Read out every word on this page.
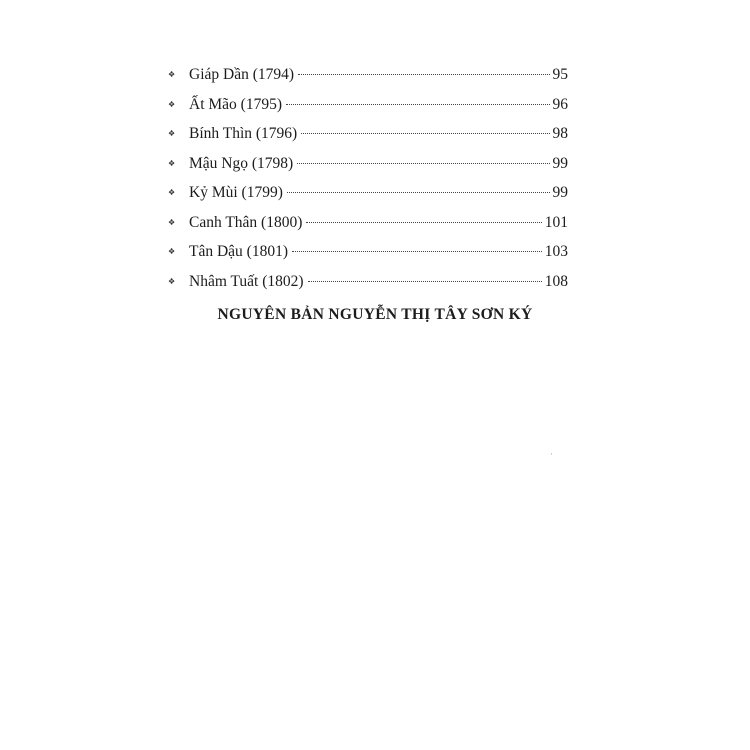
❖ Giáp Dần (1794)	95
❖ Ất Mão (1795)	96
❖ Bính Thìn (1796)	98
❖ Mậu Ngọ (1798)	99
❖ Kỷ Mùi (1799)	99
❖ Canh Thân (1800)	101
❖ Tân Dậu (1801)	103
❖ Nhâm Tuất (1802)	108
NGUYÊN BẢN NGUYỄN THỊ TÂY SƠN KÝ
